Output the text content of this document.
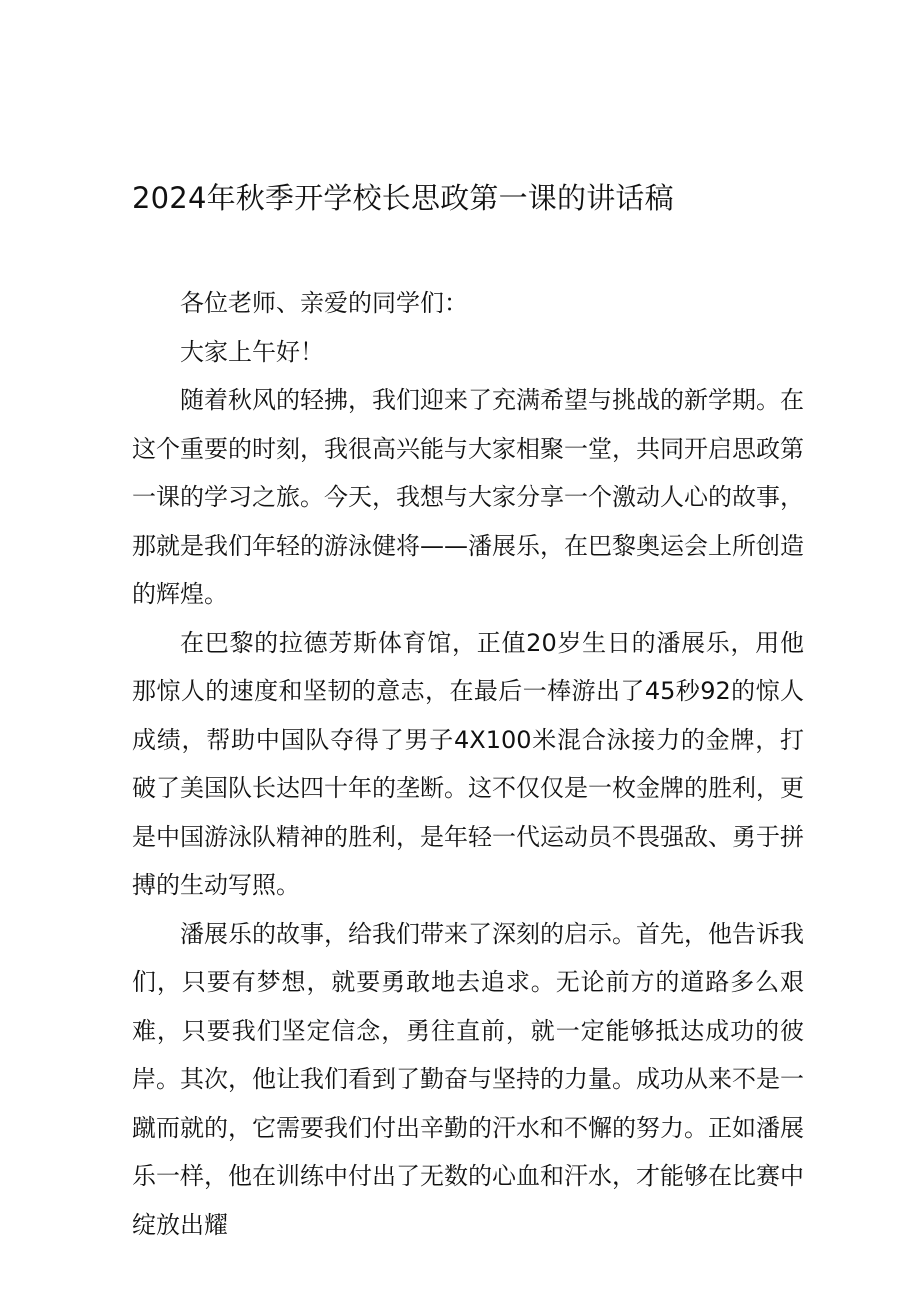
2024年秋季开学校长思政第一课的讲话稿

各位老师、亲爱的同学们：

大家上午好！

随着秋风的轻拂，我们迎来了充满希望与挑战的新学期。在这个重要的时刻，我很高兴能与大家相聚一堂，共同开启思政第一课的学习之旅。今天，我想与大家分享一个激动人心的故事，那就是我们年轻的游泳健将——潘展乐，在巴黎奥运会上所创造的辉煌。

在巴黎的拉德芳斯体育馆，正值20岁生日的潘展乐，用他那惊人的速度和坚韧的意志，在最后一棒游出了45秒92的惊人成绩，帮助中国队夺得了男子4X100米混合泳接力的金牌，打破了美国队长达四十年的垄断。这不仅仅是一枚金牌的胜利，更是中国游泳队精神的胜利，是年轻一代运动员不畏强敌、勇于拼搏的生动写照。

潘展乐的故事，给我们带来了深刻的启示。首先，他告诉我们，只要有梦想，就要勇敢地去追求。无论前方的道路多么艰难，只要我们坚定信念，勇往直前，就一定能够抵达成功的彼岸。其次，他让我们看到了勤奋与坚持的力量。成功从来不是一蹴而就的，它需要我们付出辛勤的汗水和不懈的努力。正如潘展乐一样，他在训练中付出了无数的心血和汗水，才能够在比赛中绽放出耀
